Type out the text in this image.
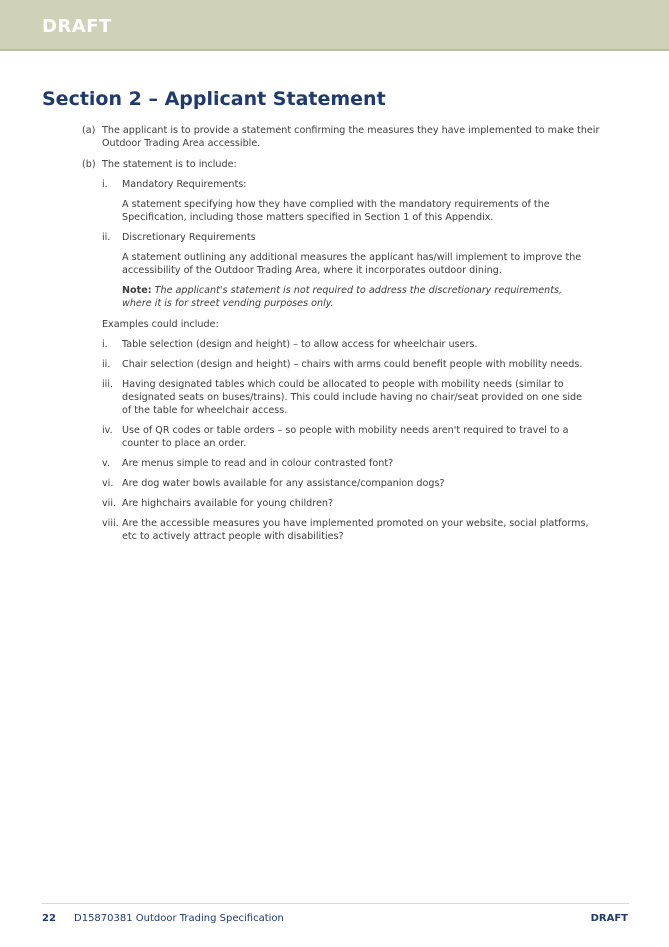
DRAFT
Section 2 – Applicant Statement
(a) The applicant is to provide a statement confirming the measures they have implemented to make their Outdoor Trading Area accessible.
(b) The statement is to include:
i. Mandatory Requirements:
A statement specifying how they have complied with the mandatory requirements of the Specification, including those matters specified in Section 1 of this Appendix.
ii. Discretionary Requirements
A statement outlining any additional measures the applicant has/will implement to improve the accessibility of the Outdoor Trading Area, where it incorporates outdoor dining.
Note: The applicant's statement is not required to address the discretionary requirements, where it is for street vending purposes only.
Examples could include:
i. Table selection (design and height) – to allow access for wheelchair users.
ii. Chair selection (design and height) – chairs with arms could benefit people with mobility needs.
iii. Having designated tables which could be allocated to people with mobility needs (similar to designated seats on buses/trains). This could include having no chair/seat provided on one side of the table for wheelchair access.
iv. Use of QR codes or table orders – so people with mobility needs aren't required to travel to a counter to place an order.
v. Are menus simple to read and in colour contrasted font?
vi. Are dog water bowls available for any assistance/companion dogs?
vii. Are highchairs available for young children?
viii. Are the accessible measures you have implemented promoted on your website, social platforms, etc to actively attract people with disabilities?
22 D15870381 Outdoor Trading Specification	DRAFT
